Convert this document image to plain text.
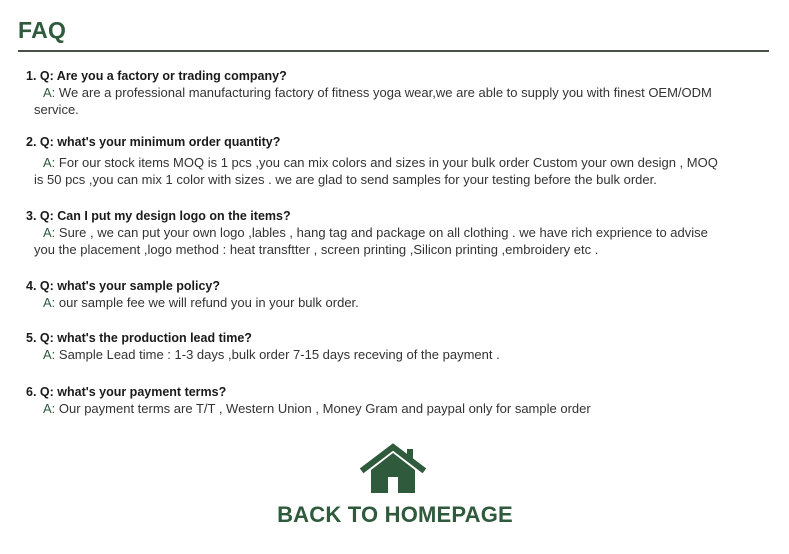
FAQ
1. Q: Are you a factory or trading company?
A: We are a professional manufacturing factory of fitness yoga wear,we are able to supply you with finest OEM/ODM
service.
2. Q: what's your minimum order quantity?
A: For our stock items MOQ is 1 pcs ,you can mix colors and sizes in your bulk order Custom your own design , MOQ
is 50 pcs ,you can mix 1 color with sizes . we are glad to send samples for your testing before the bulk order.
3. Q: Can I put my design logo on the items?
A: Sure , we can put your own logo ,lables , hang tag and package on all clothing . we have rich exprience to advise
you the placement ,logo method : heat transftter , screen printing ,Silicon printing ,embroidery etc .
4. Q: what's your sample policy?
A: our sample fee we will refund you in your bulk order.
5. Q: what's the production lead time?
A: Sample Lead time : 1-3 days ,bulk order 7-15 days receving of the payment .
6. Q: what's your payment terms?
A: Our payment terms are T/T , Western Union , Money Gram and paypal only for sample order
BACK TO HOMEPAGE
